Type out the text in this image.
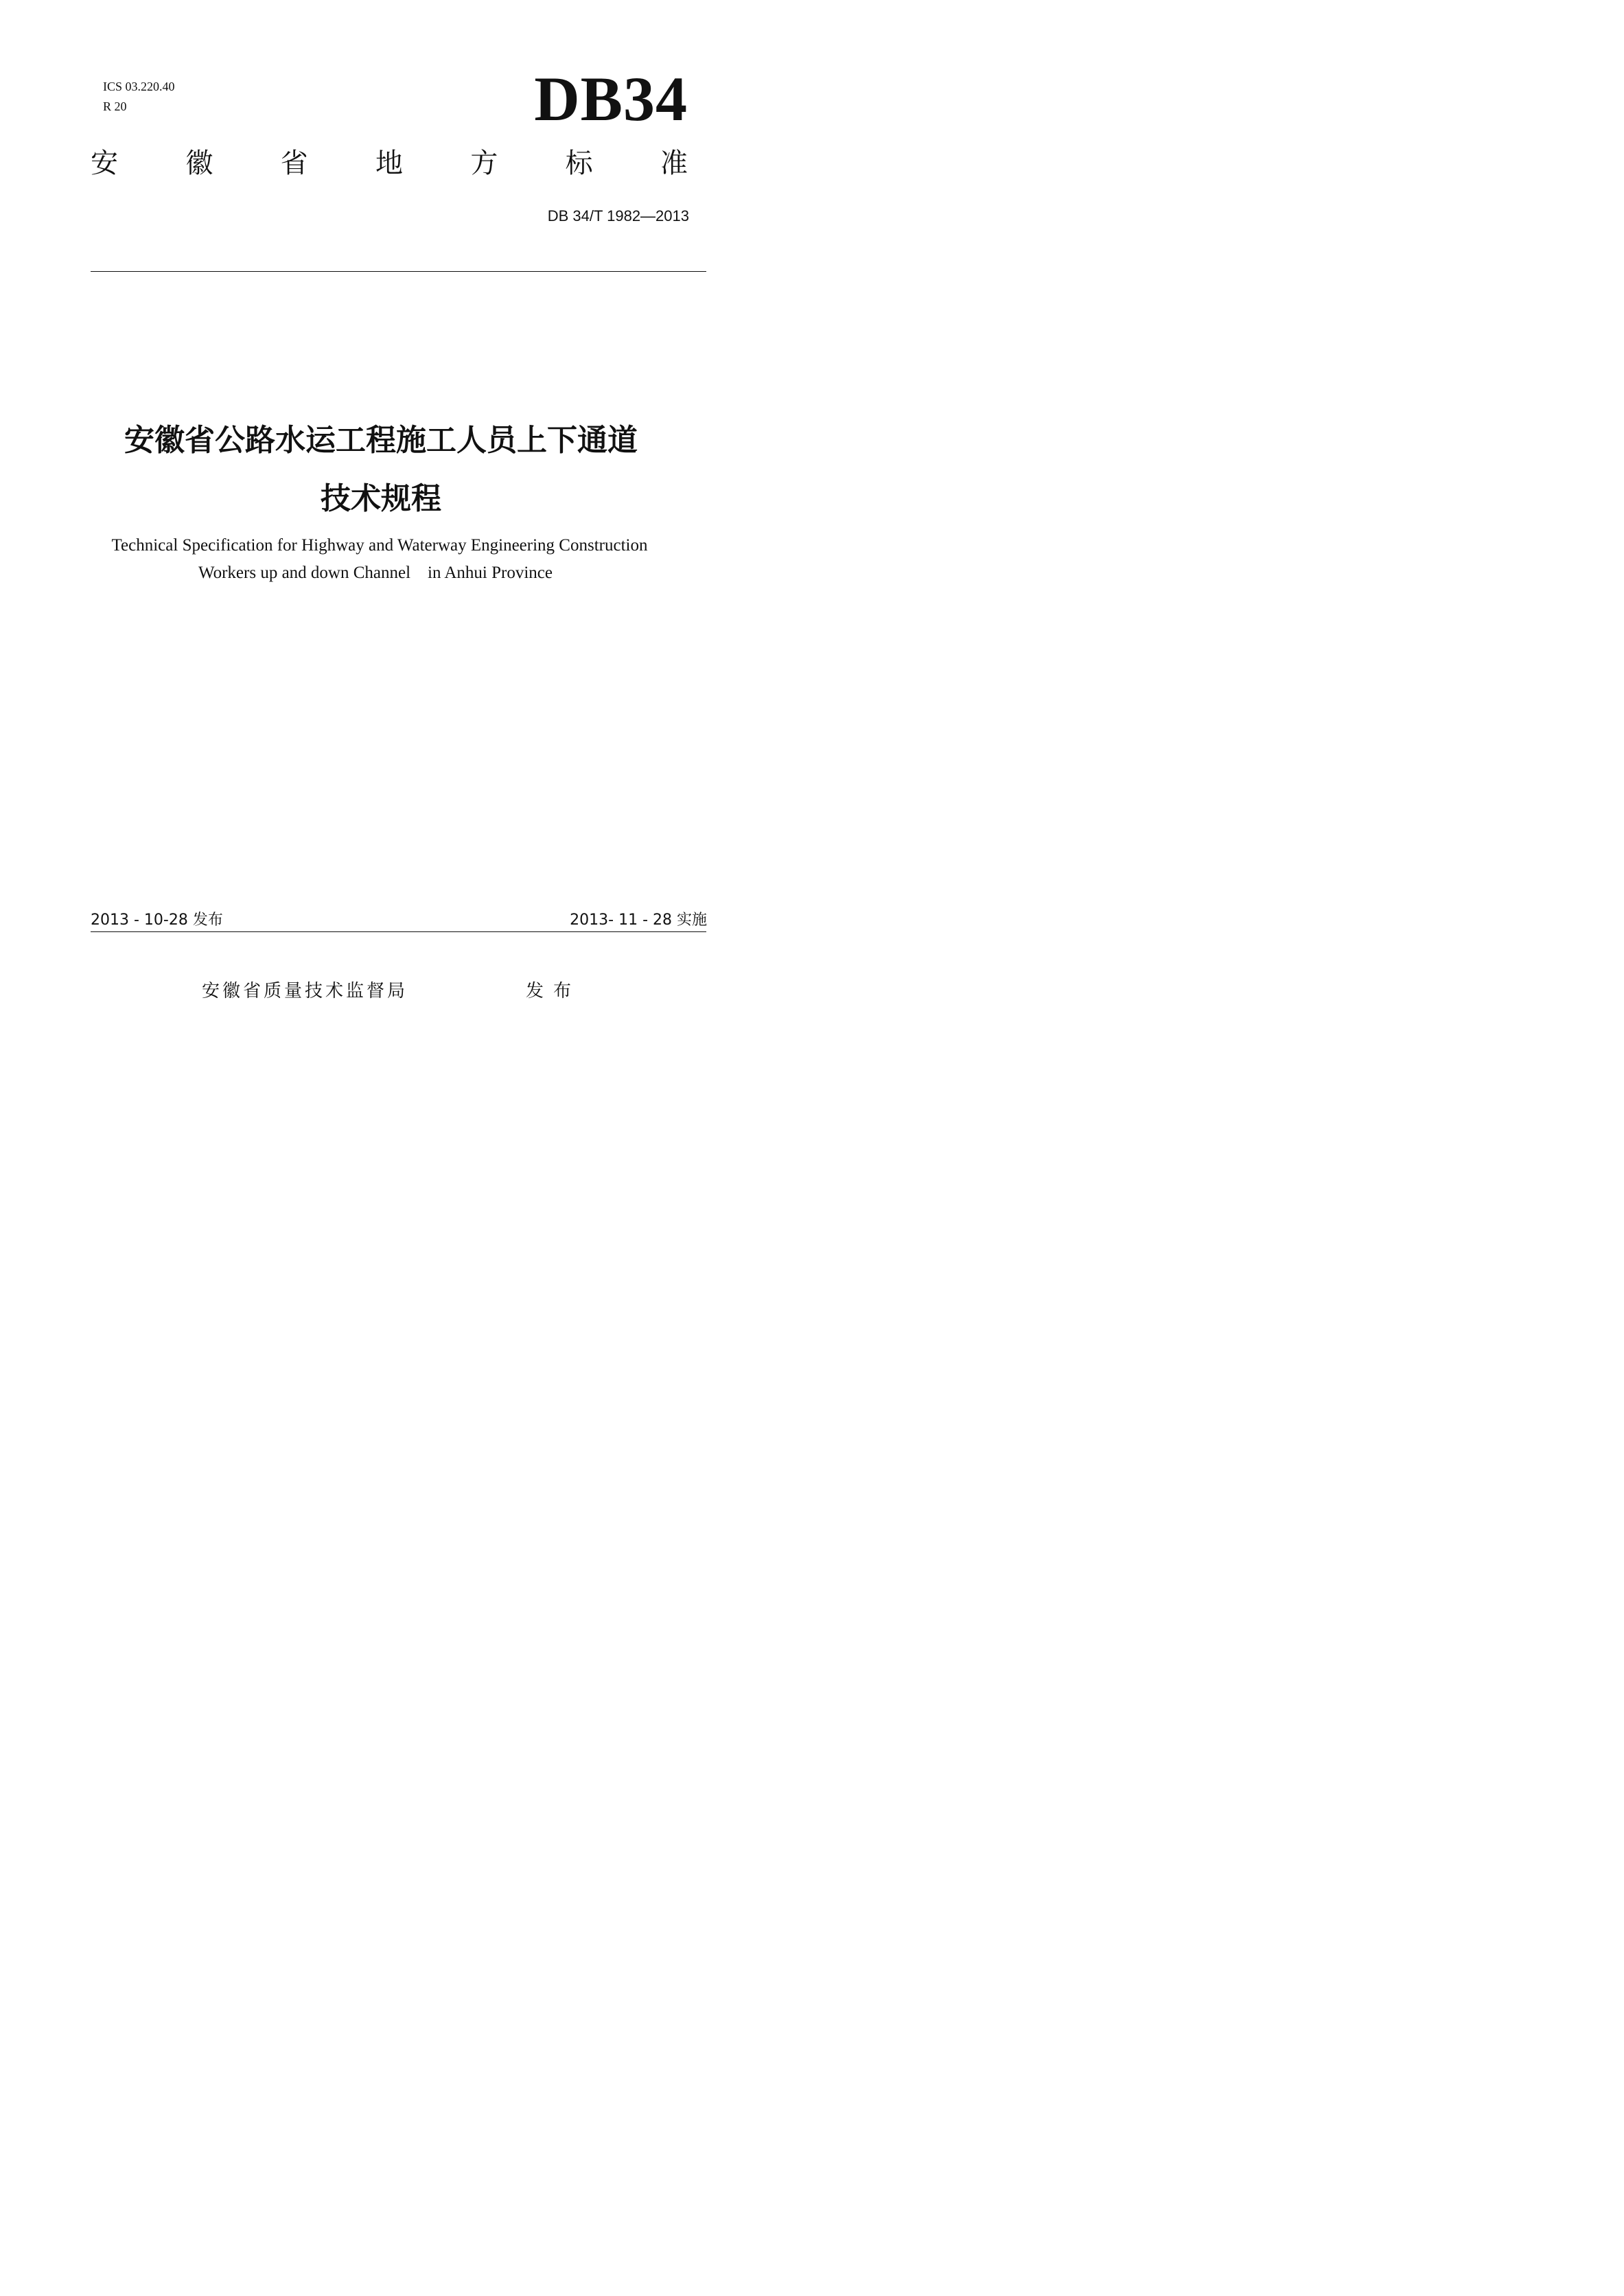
ICS 03.220.40
R 20	DB34
安 徽 省 地 方 标 准
DB 34/T 1982—2013
安徽省公路水运工程施工人员上下通道
技术规程
Technical Specification for Highway and Waterway Engineering Construction
Workers up and down Channel    in Anhui Province
2013 - 10-28 发布	2013- 11 - 28 实施
安徽省质量技术监督局	发布
